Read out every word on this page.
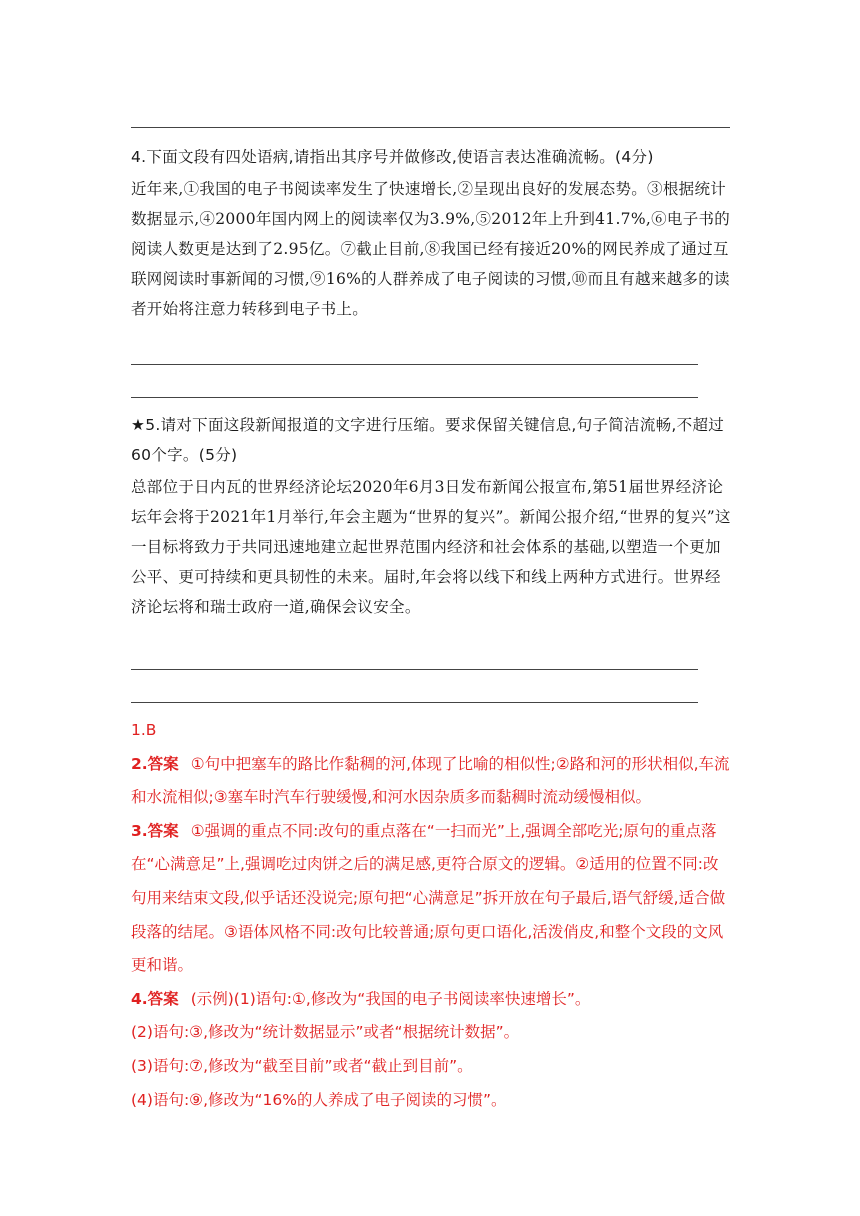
4.下面文段有四处语病,请指出其序号并做修改,使语言表达准确流畅。(4分)
近年来,①我国的电子书阅读率发生了快速增长,②呈现出良好的发展态势。③根据统计数据显示,④2000年国内网上的阅读率仅为3.9%,⑤2012年上升到41.7%,⑥电子书的阅读人数更是达到了2.95亿。⑦截止目前,⑧我国已经有接近20%的网民养成了通过互联网阅读时事新闻的习惯,⑨16%的人群养成了电子阅读的习惯,⑩而且有越来越多的读者开始将注意力转移到电子书上。
★5.请对下面这段新闻报道的文字进行压缩。要求保留关键信息,句子简洁流畅,不超过60个字。(5分)
总部位于日内瓦的世界经济论坛2020年6月3日发布新闻公报宣布,第51届世界经济论坛年会将于2021年1月举行,年会主题为“世界的复兴”。新闻公报介绍,“世界的复兴”这一目标将致力于共同迅速地建立起世界范围内经济和社会体系的基础,以塑造一个更加公平、更可持续和更具韧性的未来。届时,年会将以线下和线上两种方式进行。世界经济论坛将和瑞士政府一道,确保会议安全。
1.B
2.答案 ①句中把塞车的路比作黏稠的河,体现了比喻的相似性;②路和河的形状相似,车流和水流相似;③塞车时汽车行驶缓慢,和河水因杂质多而黏稠时流动缓慢相似。
3.答案 ①强调的重点不同:改句的重点落在“一扫而光”上,强调全部吃光;原句的重点落在“心满意足”上,强调吃过肉饼之后的满足感,更符合原文的逻辑。②适用的位置不同:改句用来结束文段,似乎话还没说完;原句把“心满意足”拆开放在句子最后,语气舒缓,适合做段落的结尾。③语体风格不同:改句比较普通;原句更口语化,活泼俏皮,和整个文段的文风更和谐。
4.答案 (示例)(1)语句:①,修改为“我国的电子书阅读率快速增长”。
(2)语句:③,修改为“统计数据显示”或者“根据统计数据”。
(3)语句:⑦,修改为“截至目前”或者“截止到目前”。
(4)语句:⑨,修改为“16%的人养成了电子阅读的习惯”。
